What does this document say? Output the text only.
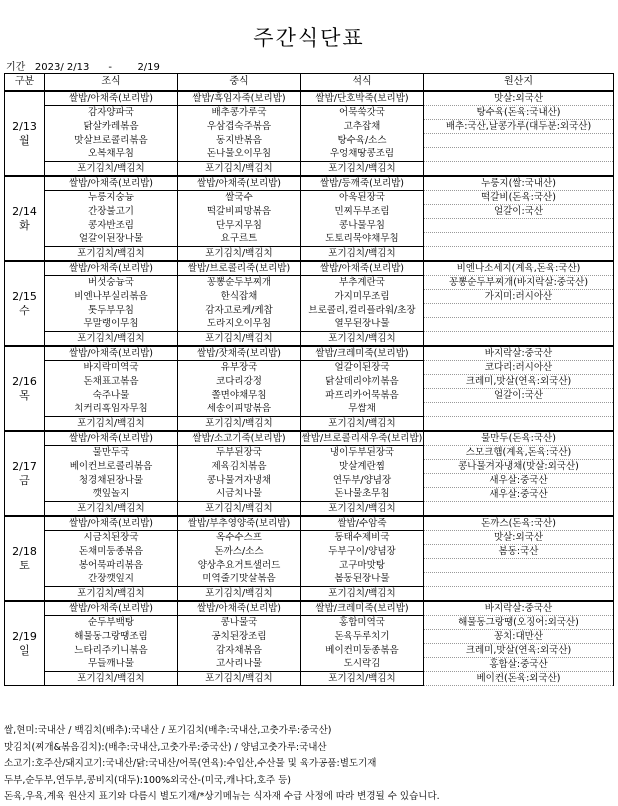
주간식단표
기간 2023/ 2/13      -        2/19
구분	조식	중식	석식	원산지

2/13
월	쌀밥/아채죽(보리밥)	쌀밥/흑임자죽(보리밥)	쌀밥/단호박죽(보리밥)	맛살:외국산
	감자양파국	배추콩가루국	어묵쑥갓국	탕수육(돈육:국내산)
	닭살카레볶음	우삼겹숙주볶음	고추잡채	배추:국산,날콩가루(대두분:외국산)
	맛살브로콜리볶음	동지반볶음	탕수육/소스	
	오복채무침	돈나물오이무침	우엉채땅콩조림	
	포기김치/백김치	포기김치/백김치	포기김치/백김치	

2/14
화	쌀밥/아채죽(보리밥)	쌀밥/아채죽(보리밥)	쌀밥/등깨죽(보리밥)	누룽지(쌀:국내산)
	누룽지숭늉	쌀국수	아욱된장국	떡갈비(돈육:국산)
	간장불고기	떡갈비피망볶음	민찌두부조림	얼갈이:국산
	콩자반조림	단무지무침	콩나물무침	
	얼갈이된장나물	요구르트	도토리묵야채무침	
	포기김치/백김치	포기김치/백김치	포기김치/백김치	

2/15
수	쌀밥/아채죽(보리밥)	쌀밥/브로콜리죽(보리밥)	쌀밥/아채죽(보리밥)	비엔나소세지(계육,돈육:국산)
	버섯숭늉국	꽁뽕순두부찌개	부추계란국	꽁뽕순두부찌개(바지락살:중국산)
	비엔나부실리볶음	한식잡채	가지미무조림	가지미:러시아산
	톳두부무침	감자고로케/케찹	브로콜리,컬리플라워/초장	
	무말랭이무침	도라지오이무침	열무된장나물	
	포기김치/백김치	포기김치/백김치	포기김치/백김치	

2/16
목	쌀밥/아채죽(보리밥)	쌀밥/잣채죽(보리밥)	쌀밥/크레미죽(보리밥)	바지락살:중국산
	바지락미역국	유부장국	얼갈이된장국	코다리:러시아산
	돈채표고볶음	코다리강정	닭살데리야끼볶음	크레미,맛살(연육:외국산)
	숙주나물	쫄면야채무침	파프리카어묵볶음	얼갈이:국산
	치커리흑임자무침	세송이피망볶음	무쌈채	
	포기김치/백김치	포기김치/백김치	포기김치/백김치	

2/17
금	쌀밥/아채죽(보리밥)	쌀밥/소고기죽(보리밥)	쌀밥/브로콜리새우죽(보리밥)	물만두(돈육:국산)
	물만두국	두부된장국	냉이두부된장국	스모크햄(계육,돈육:국산)
	베이컨브로콜리볶음	제육김치볶음	맛살계란찜	콩나물겨자냉채(맛살:외국산)
	청경채된장나물	콩나물겨자냉채	연두부/양념장	새우살:중국산
	깻잎놀지	시금치나물	돈나물초무침	새우살:중국산
	포기김치/백김치	포기김치/백김치	포기김치/백김치	

2/18
토	쌀밥/아채죽(보리밥)	쌀밥/부추영양죽(보리밥)	쌀밥/수암죽	돈까스(돈육:국산)
	시금치된장국	옥수수스프	동태수제비국	맛살:외국산
	돈채미둥종볶음	돈까스/소스	두부구이/양념장	봄동:국산
	봉어묵파리볶음	양상추요거트샐러드	고구마맛탕	
	간장깻잎지	미역줄기맛살볶음	봄동된장나물	
	포기김치/백김치	포기김치/백김치	포기김치/백김치	

2/19
일	쌀밥/아채죽(보리밥)	쌀밥/아채죽(보리밥)	쌀밥/크레미죽(보리밥)	바지락살:중국산
	순두부백탕	콩나물국	홍합미역국	해물동그랑땡(오징어:외국산)
	해물동그랑땡조림	공치된장조림	돈육두루치기	꽁치:대만산
	느타리주키니볶음	감자채볶음	베이컨미둥종볶음	크레미,맛살(연육:외국산)
	무들깨나물	고사리나물	도시락김	홍합살:중국산
	포기김치/백김치	포기김치/백김치	포기김치/백김치	베이컨(돈육:외국산)
쌀,현미:국내산 / 백김치(배추):국내산 / 포기김치(배추:국내산,고춧가루:중국산)
맛김치(찌개&볶음김치):(배추:국내산,고춧가루:중국산) / 양념고춧가루:국내산
소고기:호주산/돼지고기:국내산/닭:국내산/어묵(연육):수입산,수산물 및 육가공품:별도기재
두부,순두부,연두부,콩비지(대두):100%외국산-(미국,캐나다,호주 등)
돈육,우육,계육 원산지 표기와 다름시 별도기재/*상기메뉴는 식자재 수급 사정에 따라 변경될 수 있습니다.
